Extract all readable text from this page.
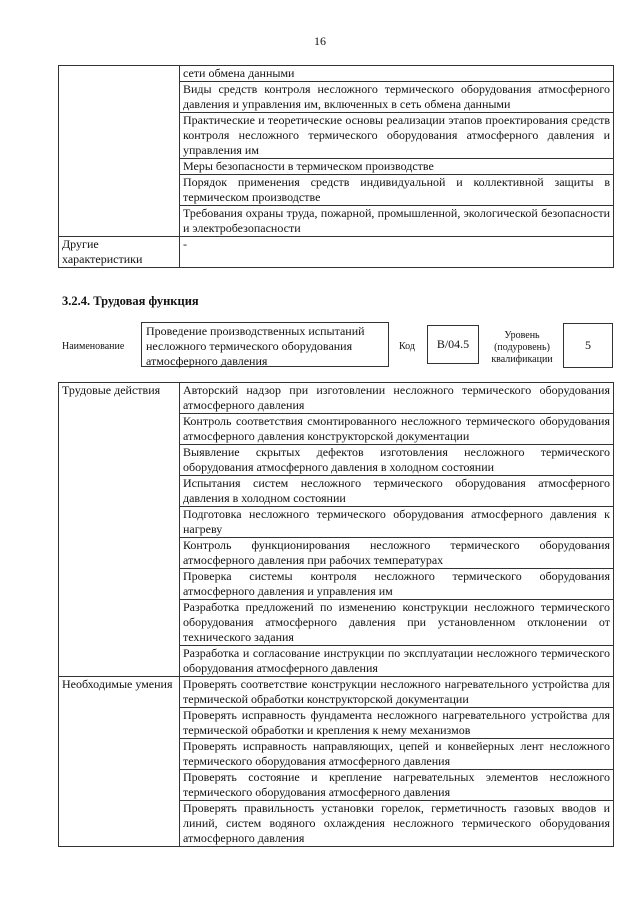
16
	сети обмена данными
	Виды средств контроля несложного термического оборудования атмосферного давления и управления им, включенных в сеть обмена данными
	Практические и теоретические основы реализации этапов проектирования средств контроля несложного термического оборудования атмосферного давления и управления им
	Меры безопасности в термическом производстве
	Порядок применения средств индивидуальной и коллективной защиты в термическом производстве
	Требования охраны труда, пожарной, промышленной, экологической безопасности и электробезопасности
Другие характеристики	-
3.2.4. Трудовая функция
Наименование
Проведение производственных испытаний несложного термического оборудования атмосферного давления
Код	В/04.5
Уровень (подуровень) квалификации
5
Трудовые действия	Авторский надзор при изготовлении несложного термического оборудования атмосферного давления
	Контроль соответствия смонтированного несложного термического оборудования атмосферного давления конструкторской документации
	Выявление скрытых дефектов изготовления несложного термического оборудования атмосферного давления в холодном состоянии
	Испытания систем несложного термического оборудования атмосферного давления в холодном состоянии
	Подготовка несложного термического оборудования атмосферного давления к нагреву
	Контроль функционирования несложного термического оборудования атмосферного давления при рабочих температурах
	Проверка системы контроля несложного термического оборудования атмосферного давления и управления им
	Разработка предложений по изменению конструкции несложного термического оборудования атмосферного давления при установленном отклонении от технического задания
	Разработка и согласование инструкции по эксплуатации несложного термического оборудования атмосферного давления
Необходимые умения	Проверять соответствие конструкции несложного нагревательного устройства для термической обработки конструкторской документации
	Проверять исправность фундамента несложного нагревательного устройства для термической обработки и крепления к нему механизмов
	Проверять исправность направляющих, цепей и конвейерных лент несложного термического оборудования атмосферного давления
	Проверять состояние и крепление нагревательных элементов несложного термического оборудования атмосферного давления
	Проверять правильность установки горелок, герметичность газовых вводов и линий, систем водяного охлаждения несложного термического оборудования атмосферного давления
